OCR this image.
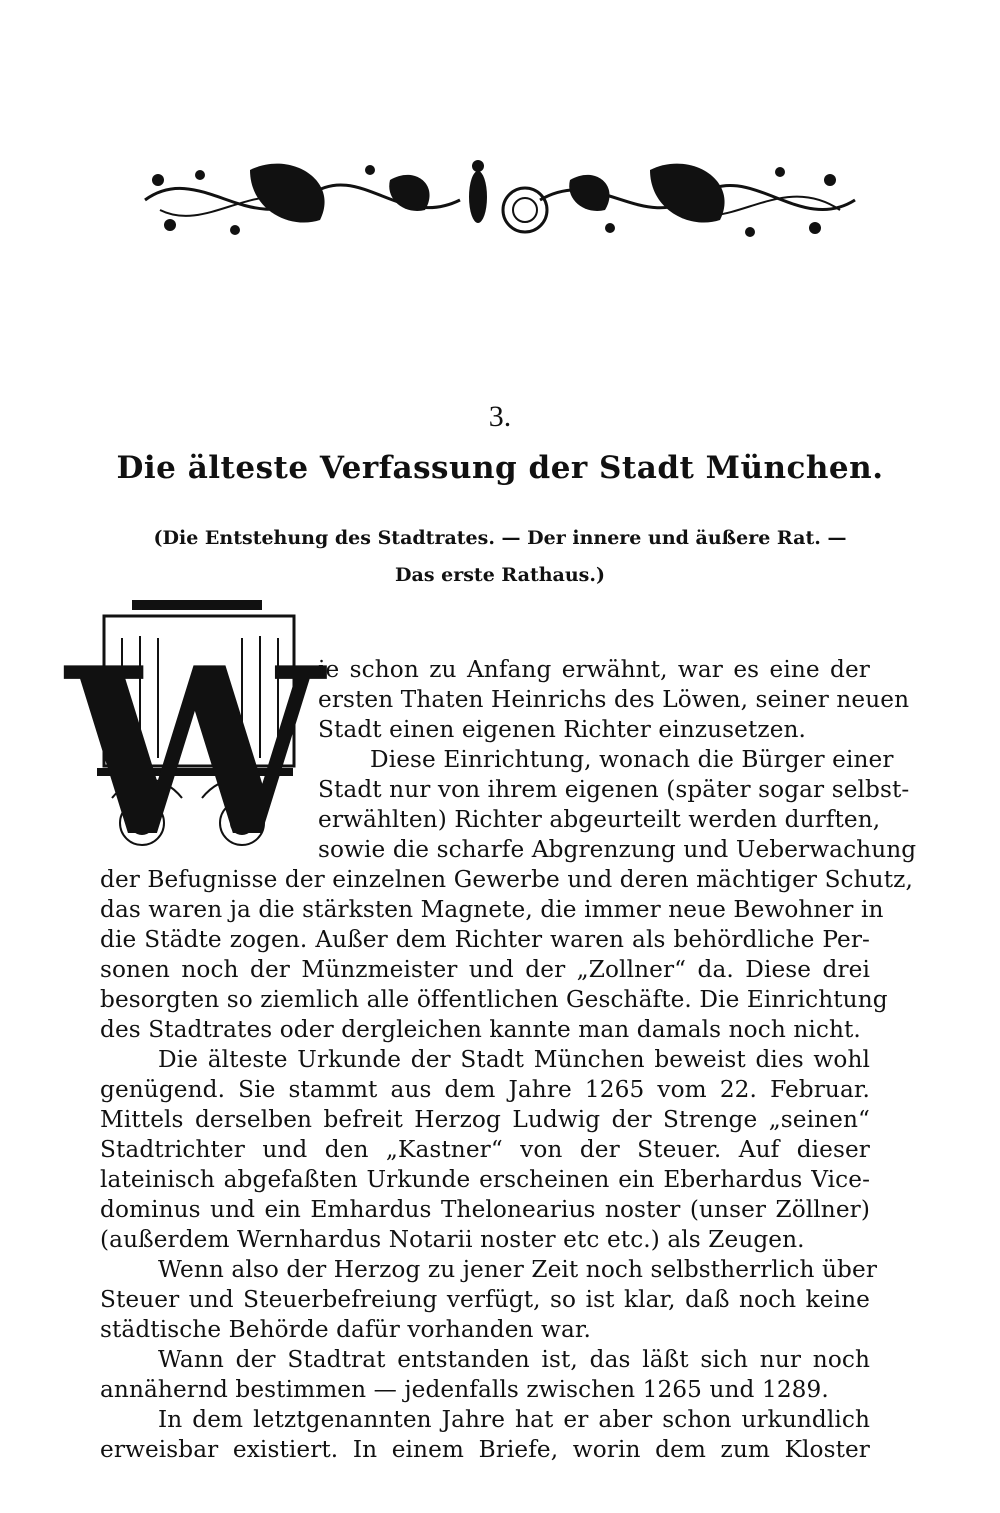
3.
Die älteste Verfassung der Stadt München.
(Die Entstehung des Stadtrates. — Der innere und äußere Rat. —
Das erste Rathaus.)
W
ie schon zu Anfang erwähnt, war es eine der
ersten Thaten Heinrichs des Löwen, seiner neuen
Stadt einen eigenen Richter einzusetzen.
Diese Einrichtung, wonach die Bürger einer
Stadt nur von ihrem eigenen (später sogar selbst-
erwählten) Richter abgeurteilt werden durften,
sowie die scharfe Abgrenzung und Ueberwachung
der Befugnisse der einzelnen Gewerbe und deren mächtiger Schutz,
das waren ja die stärksten Magnete, die immer neue Bewohner in
die Städte zogen. Außer dem Richter waren als behördliche Per-
sonen noch der Münzmeister und der „Zollner“ da. Diese drei
besorgten so ziemlich alle öffentlichen Geschäfte. Die Einrichtung
des Stadtrates oder dergleichen kannte man damals noch nicht.
Die älteste Urkunde der Stadt München beweist dies wohl
genügend. Sie stammt aus dem Jahre 1265 vom 22. Februar.
Mittels derselben befreit Herzog Ludwig der Strenge „seinen“
Stadtrichter und den „Kastner“ von der Steuer. Auf dieser
lateinisch abgefaßten Urkunde erscheinen ein Eberhardus Vice-
dominus und ein Emhardus Thelonearius noster (unser Zöllner)
(außerdem Wernhardus Notarii noster etc etc.) als Zeugen.
Wenn also der Herzog zu jener Zeit noch selbstherrlich über
Steuer und Steuerbefreiung verfügt, so ist klar, daß noch keine
städtische Behörde dafür vorhanden war.
Wann der Stadtrat entstanden ist, das läßt sich nur noch
annähernd bestimmen — jedenfalls zwischen 1265 und 1289.
In dem letztgenannten Jahre hat er aber schon urkundlich
erweisbar existiert. In einem Briefe, worin dem zum Kloster
